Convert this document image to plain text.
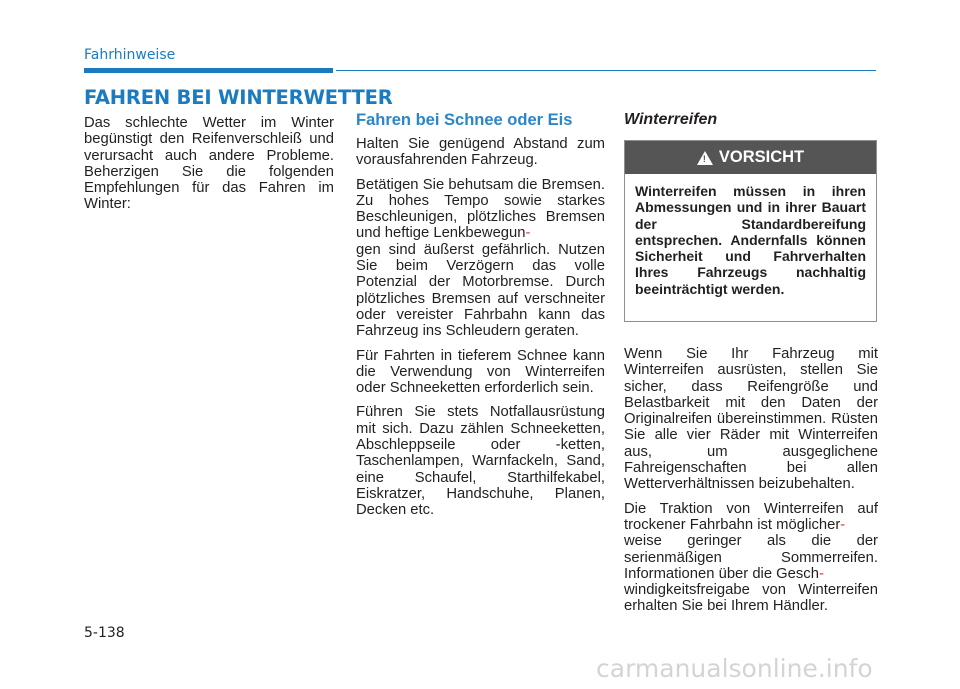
Fahrhinweise
FAHREN BEI WINTERWETTER

Das schlechte Wetter im Winter begünstigt den Reifenverschleiß und verursacht auch andere Probleme. Beherzigen Sie die folgenden Empfehlungen für das Fahren im Winter:

Fahren bei Schnee oder Eis

Halten Sie genügend Abstand zum vorausfahrenden Fahrzeug.

Betätigen Sie behutsam die Bremsen. Zu hohes Tempo sowie starkes Beschleunigen, plötzliches Bremsen und heftige Lenkbewegun-
gen sind äußerst gefährlich. Nutzen Sie beim Verzögern das volle Potenzial der Motorbremse. Durch plötzliches Bremsen auf verschneiter oder vereister Fahrbahn kann das Fahrzeug ins Schleudern geraten.

Für Fahrten in tieferem Schnee kann die Verwendung von Winterreifen oder Schneeketten erforderlich sein.

Führen Sie stets Notfallausrüstung mit sich. Dazu zählen Schneeketten, Abschleppseile oder -ketten, Taschenlampen, Warnfackeln, Sand, eine Schaufel, Starthilfekabel, Eiskratzer, Handschuhe, Planen, Decken etc.

Winterreifen
! VORSICHT
Winterreifen müssen in ihren Abmessungen und in ihrer Bauart der Standardbereifung entsprechen. Andernfalls können Sicherheit und Fahrverhalten Ihres Fahrzeugs nachhaltig beeinträchtigt werden.

Wenn Sie Ihr Fahrzeug mit Winterreifen ausrüsten, stellen Sie sicher, dass Reifengröße und Belastbarkeit mit den Daten der Originalreifen übereinstimmen. Rüsten Sie alle vier Räder mit Winterreifen aus, um ausgeglichene Fahreigenschaften bei allen Wetterverhältnissen beizubehalten.

Die Traktion von Winterreifen auf trockener Fahrbahn ist möglicher-
weise geringer als die der serienmäßigen Sommerreifen. Informationen über die Gesch-
windigkeitsfreigabe von Winterreifen erhalten Sie bei Ihrem Händler.

5-138
carmanualsonline.info
